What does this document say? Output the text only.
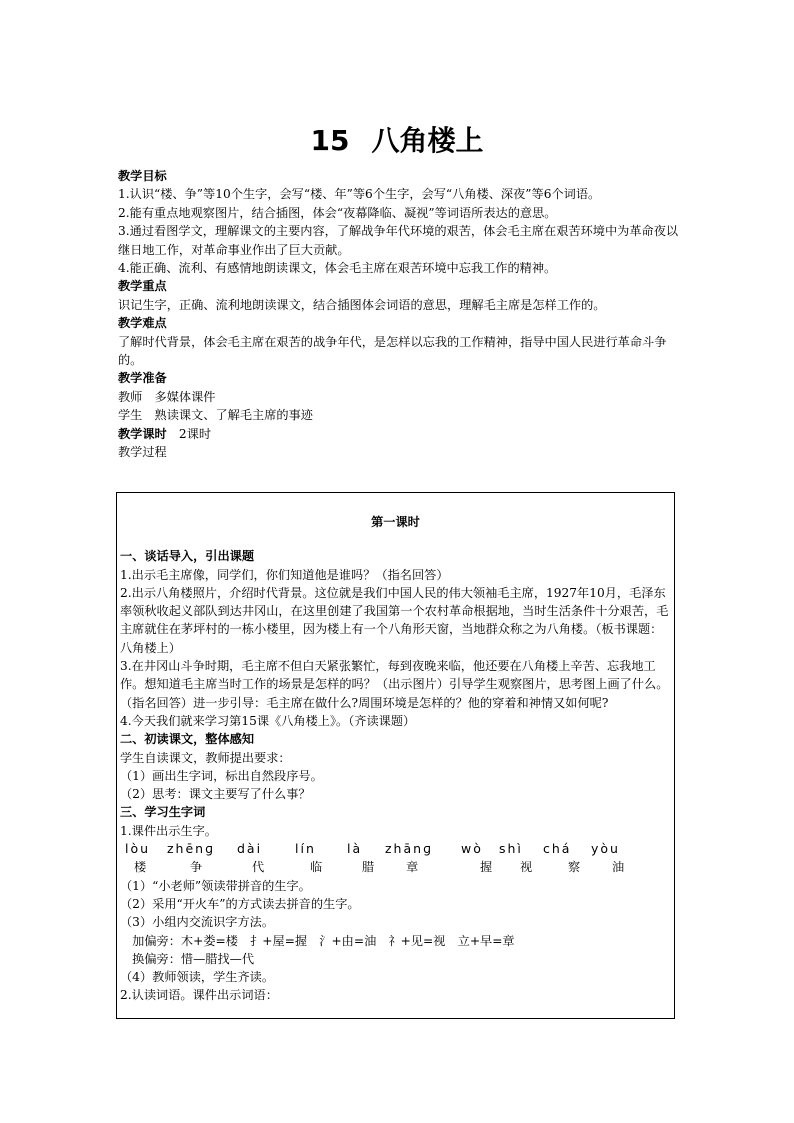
15 八角楼上

教学目标

1.认识“楼、争”等10个生字，会写“楼、年”等6个生字，会写“八角楼、深夜”等6个词语。

2.能有重点地观察图片，结合插图，体会“夜幕降临、凝视”等词语所表达的意思。

3.通过看图学文，理解课文的主要内容，了解战争年代环境的艰苦，体会毛主席在艰苦环境中为革命夜以继日地工作，对革命事业作出了巨大贡献。

4.能正确、流利、有感情地朗读课文，体会毛主席在艰苦环境中忘我工作的精神。

教学重点

识记生字，正确、流利地朗读课文，结合插图体会词语的意思，理解毛主席是怎样工作的。

教学难点

了解时代背景，体会毛主席在艰苦的战争年代，是怎样以忘我的工作精神，指导中国人民进行革命斗争的。

教学准备

教师　多媒体课件

学生　熟读课文、了解毛主席的事迹

教学课时　2课时

教学过程

第一课时

一、谈话导入，引出课题

1.出示毛主席像，同学们，你们知道他是谁吗？（指名回答）

2.出示八角楼照片，介绍时代背景。这位就是我们中国人民的伟大领袖毛主席，1927年10月，毛泽东率领秋收起义部队到达井冈山，在这里创建了我国第一个农村革命根据地，当时生活条件十分艰苦，毛主席就住在茅坪村的一栋小楼里，因为楼上有一个八角形天窗，当地群众称之为八角楼。（板书课题：八角楼上）

3.在井冈山斗争时期，毛主席不但白天紧张繁忙，每到夜晚来临，他还要在八角楼上辛苦、忘我地工作。想知道毛主席当时工作的场景是怎样的吗？（出示图片）引导学生观察图片，思考图上画了什么。（指名回答）进一步引导：毛主席在做什么?周围环境是怎样的？他的穿着和神情又如何呢?

4.今天我们就来学习第15课《八角楼上》。（齐读课题）

二、初读课文，整体感知

学生自读课文，教师提出要求：

（1）画出生字词，标出自然段序号。

（2）思考：课文主要写了什么事？

三、学习生字词

1.课件出示生字。

lòu	zhēnɡ	dài	lín	là	zhānɡ	wò	shì	chá	yòu
楼	争	代	临	腊	章	握	视	察	油

（1）“小老师”领读带拼音的生字。

（2）采用“开火车”的方式读去拼音的生字。

（3）小组内交流识字方法。

　加偏旁：木+娄=楼　扌+屋=握　氵+由=油　礻+见=视　立+早=章

　换偏旁：惜—腊找—代

（4）教师领读，学生齐读。

2.认读词语。课件出示词语：
